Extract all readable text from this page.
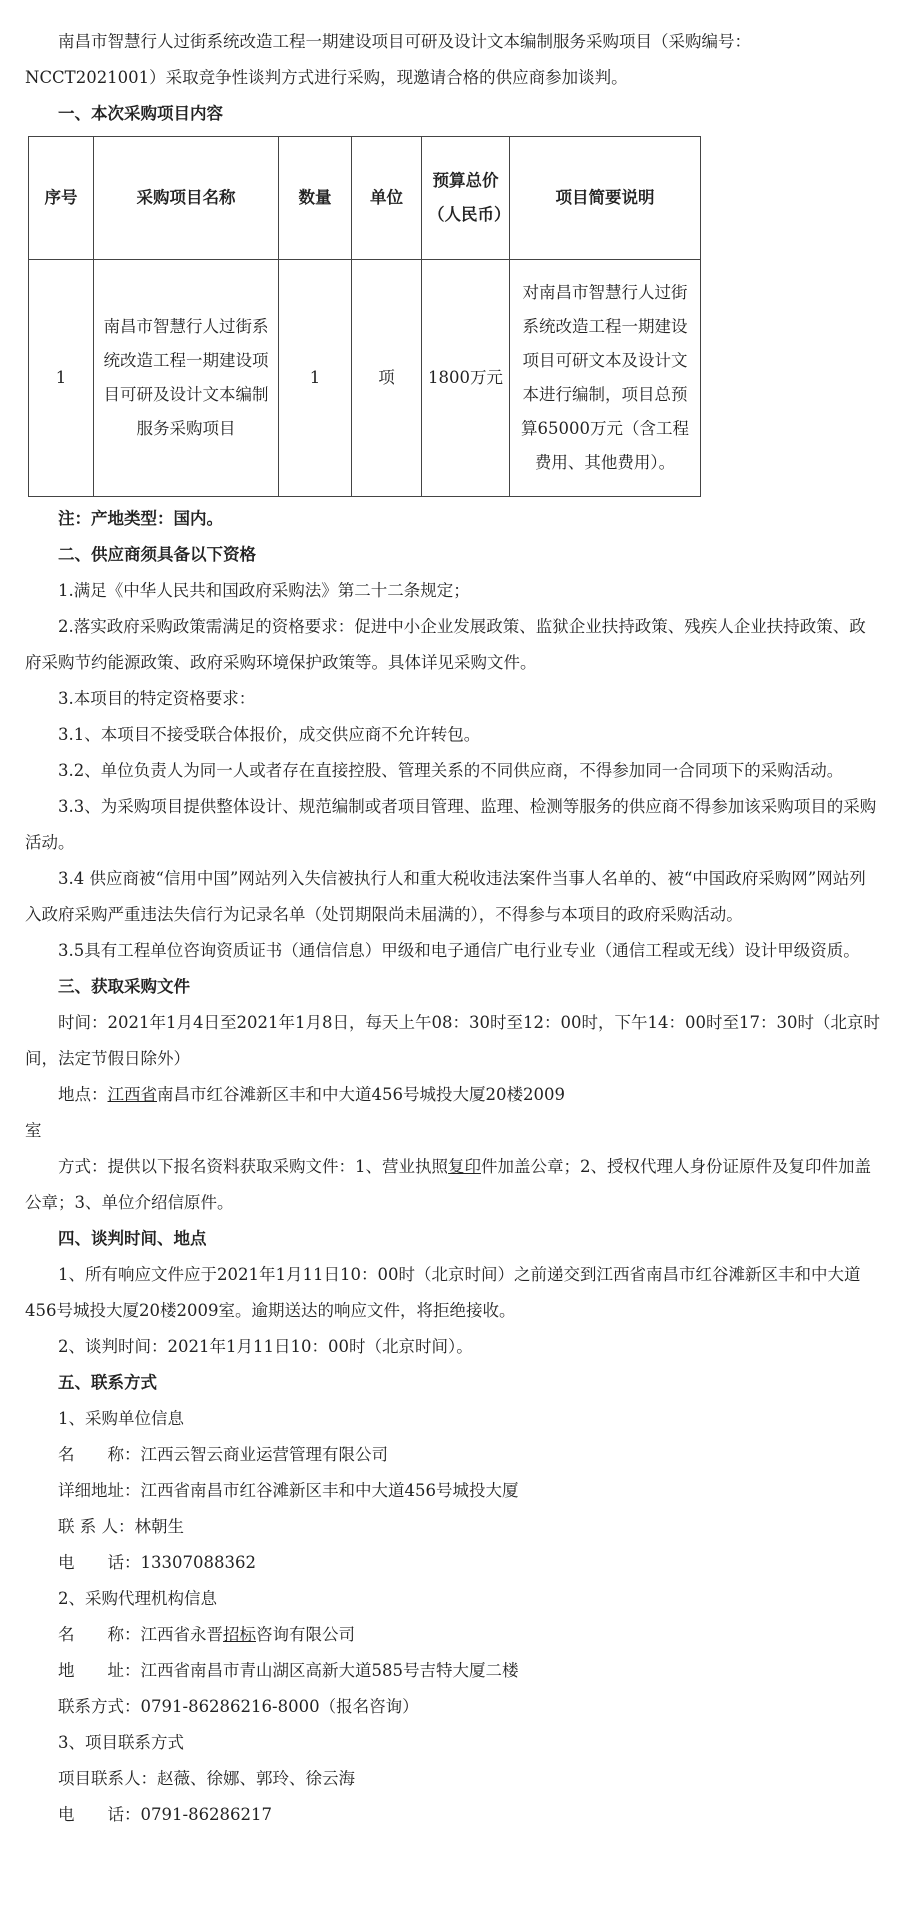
南昌市智慧行人过街系统改造工程一期建设项目可研及设计文本编制服务采购项目（采购编号：NCCT2021001）采取竞争性谈判方式进行采购，现邀请合格的供应商参加谈判。

一、本次采购项目内容

序号	采购项目名称	数量	单位	预算总价（人民币）	项目简要说明
1	南昌市智慧行人过街系统改造工程一期建设项目可研及设计文本编制服务采购项目	1	项	1800万元	对南昌市智慧行人过街系统改造工程一期建设项目可研文本及设计文本进行编制，项目总预算65000万元（含工程费用、其他费用）。

注：产地类型：国内。

二、供应商须具备以下资格

1.满足《中华人民共和国政府采购法》第二十二条规定；

2.落实政府采购政策需满足的资格要求：促进中小企业发展政策、监狱企业扶持政策、残疾人企业扶持政策、政府采购节约能源政策、政府采购环境保护政策等。具体详见采购文件。

3.本项目的特定资格要求：

3.1、本项目不接受联合体报价，成交供应商不允许转包。

3.2、单位负责人为同一人或者存在直接控股、管理关系的不同供应商，不得参加同一合同项下的采购活动。

3.3、为采购项目提供整体设计、规范编制或者项目管理、监理、检测等服务的供应商不得参加该采购项目的采购活动。

3.4 供应商被“信用中国”网站列入失信被执行人和重大税收违法案件当事人名单的、被“中国政府采购网”网站列入政府采购严重违法失信行为记录名单（处罚期限尚未届满的），不得参与本项目的政府采购活动。

3.5具有工程单位咨询资质证书（通信信息）甲级和电子通信广电行业专业（通信工程或无线）设计甲级资质。

三、获取采购文件

时间：2021年1月4日至2021年1月8日，每天上午08：30时至12：00时，下午14：00时至17：30时（北京时间，法定节假日除外）

地点：江西省南昌市红谷滩新区丰和中大道456号城投大厦20楼2009

室

方式：提供以下报名资料获取采购文件：1、营业执照复印件加盖公章；2、授权代理人身份证原件及复印件加盖公章；3、单位介绍信原件。

四、谈判时间、地点

1、所有响应文件应于2021年1月11日10：00时（北京时间）之前递交到江西省南昌市红谷滩新区丰和中大道456号城投大厦20楼2009室。逾期送达的响应文件，将拒绝接收。

2、谈判时间：2021年1月11日10：00时（北京时间）。

五、联系方式

1、采购单位信息

名　　称：江西云智云商业运营管理有限公司

详细地址：江西省南昌市红谷滩新区丰和中大道456号城投大厦

联 系 人：林朝生

电　　话：13307088362

2、采购代理机构信息

名　　称：江西省永晋招标咨询有限公司

地　　址：江西省南昌市青山湖区高新大道585号吉特大厦二楼

联系方式：0791-86286216-8000（报名咨询）

3、项目联系方式

项目联系人：赵薇、徐娜、郭玲、徐云海

电　　话：0791-86286217
